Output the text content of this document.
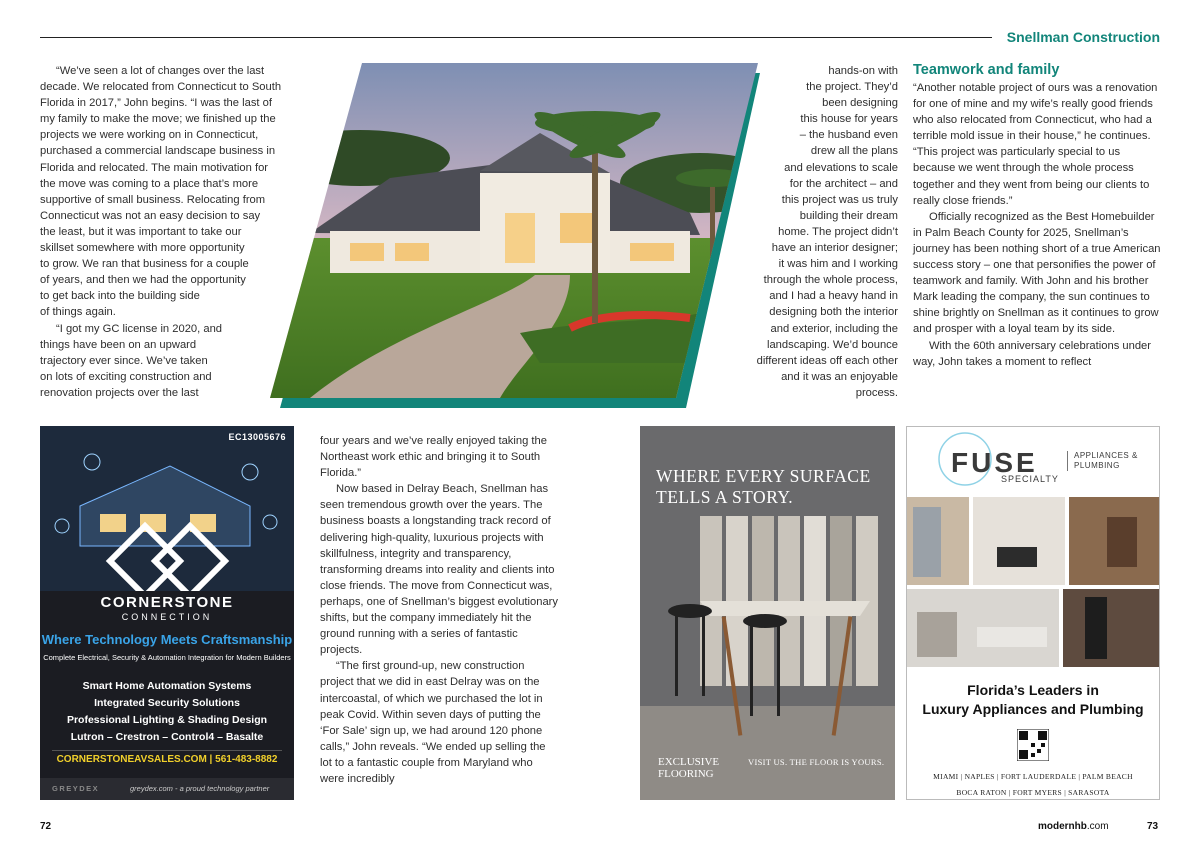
Snellman Construction
“We’ve seen a lot of changes over the last
decade. We relocated from Connecticut to South
Florida in 2017,” John begins. “I was the last of
my family to make the move; we finished up the
projects we were working on in Connecticut,
purchased a commercial landscape business in
Florida and relocated. The main motivation for
the move was coming to a place that’s more
supportive of small business. Relocating from
Connecticut was not an easy decision to say
the least, but it was important to take our
skillset somewhere with more opportunity
to grow. We ran that business for a couple
of years, and then we had the opportunity
to get back into the building side
of things again.
“I got my GC license in 2020, and
things have been on an upward
trajectory ever since. We’ve taken
on lots of exciting construction and
renovation projects over the last
hands-on with
the project. They’d
been designing
this house for years
– the husband even
drew all the plans
and elevations to scale
for the architect – and
this project was us truly
building their dream
home. The project didn’t
have an interior designer;
it was him and I working
through the whole process,
and I had a heavy hand in
designing both the interior
and exterior, including the
landscaping. We’d bounce
different ideas off each other
and it was an enjoyable
process.
Teamwork and family

“Another notable project of ours was a renovation for one of mine and my wife’s really good friends who also relocated from Connecticut, who had a terrible mold issue in their house,” he continues. “This project was particularly special to us because we went through the whole process together and they went from being our clients to really close friends.”

Officially recognized as the Best Homebuilder in Palm Beach County for 2025, Snellman’s journey has been nothing short of a true American success story – one that personifies the power of teamwork and family. With John and his brother Mark leading the company, the sun continues to shine brightly on Snellman as it continues to grow and prosper with a loyal team by its side.

With the 60th anniversary celebrations under way, John takes a moment to reflect

four years and we’ve really enjoyed taking the Northeast work ethic and bringing it to South Florida.”

Now based in Delray Beach, Snellman has seen tremendous growth over the years. The business boasts a longstanding track record of delivering high-quality, luxurious projects with skillfulness, integrity and transparency, transforming dreams into reality and clients into close friends. The move from Connecticut was, perhaps, one of Snellman’s biggest evolutionary shifts, but the company immediately hit the ground running with a series of fantastic projects.

“The first ground-up, new construction project that we did in east Delray was on the intercoastal, of which we purchased the lot in peak Covid. Within seven days of putting the ‘For Sale’ sign up, we had around 120 phone calls,” John reveals. “We ended up selling the lot to a fantastic couple from Maryland who were incredibly

EC13005676
CORNERSTONE
CONNECTION
Where Technology Meets Craftsmanship
Complete Electrical, Security & Automation Integration for Modern Builders
Smart Home Automation Systems
Integrated Security Solutions
Professional Lighting & Shading Design
Lutron – Crestron – Control4 – Basalte
CORNERSTONEAVSALES.COM | 561-483-8882
GREYDEX	greydex.com - a proud technology partner
WHERE EVERY SURFACE TELLS A STORY.
EXCLUSIVE
FLOORING
VISIT US. THE FLOOR IS YOURS.
FUSE
SPECIALTY
APPLIANCES &
PLUMBING
Florida’s Leaders in
Luxury Appliances and Plumbing
MIAMI | NAPLES | FORT LAUDERDALE | PALM BEACH
BOCA RATON | FORT MYERS | SARASOTA
72	modernhb.com	73
